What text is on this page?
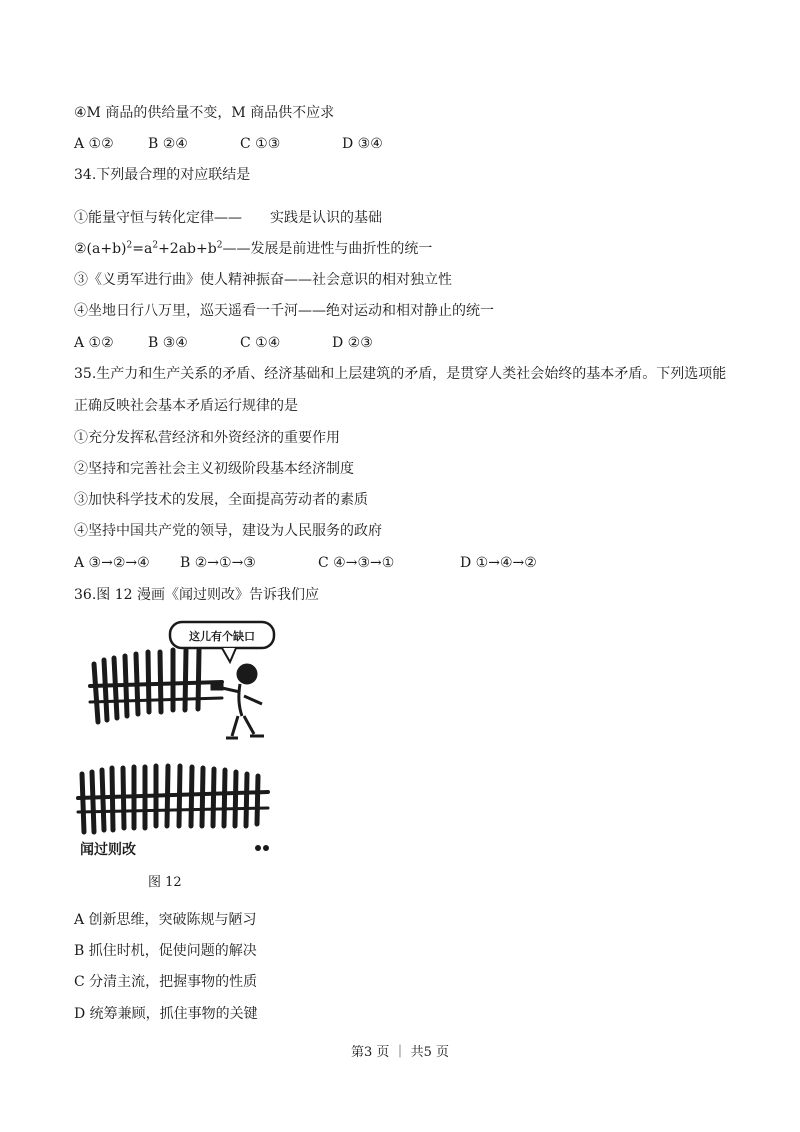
④M 商品的供给量不变，M 商品供不应求
A ①② B ②④	C ①③	D ③④
34.下列最合理的对应联结是
①能量守恒与转化定律——　　实践是认识的基础
$②(a+b)^2=a^2+2ab+b^2——$发展是前进性与曲折性的统一
③《义勇军进行曲》使人精神振奋——社会意识的相对独立性
④坐地日行八万里，巡天遥看一千河——绝对运动和相对静止的统一
A ①② B ③④	C ①④	D ②③
35.生产力和生产关系的矛盾、经济基础和上层建筑的矛盾，是贯穿人类社会始终的基本矛盾。下列选项能
正确反映社会基本矛盾运行规律的是
①充分发挥私营经济和外资经济的重要作用
②坚持和完善社会主义初级阶段基本经济制度
③加快科学技术的发展，全面提高劳动者的素质
④坚持中国共产党的领导，建设为人民服务的政府
A ③→②→④ B ②→①→③	C ④→③→①	D ①→④→②
36.图 12 漫画《闻过则改》告诉我们应
这儿有个缺口
闻过则改
图 12
A 创新思维，突破陈规与陋习
B 抓住时机，促使问题的解决
C 分清主流，把握事物的性质
D 统筹兼顾，抓住事物的关键
第3 页 ｜ 共5 页
